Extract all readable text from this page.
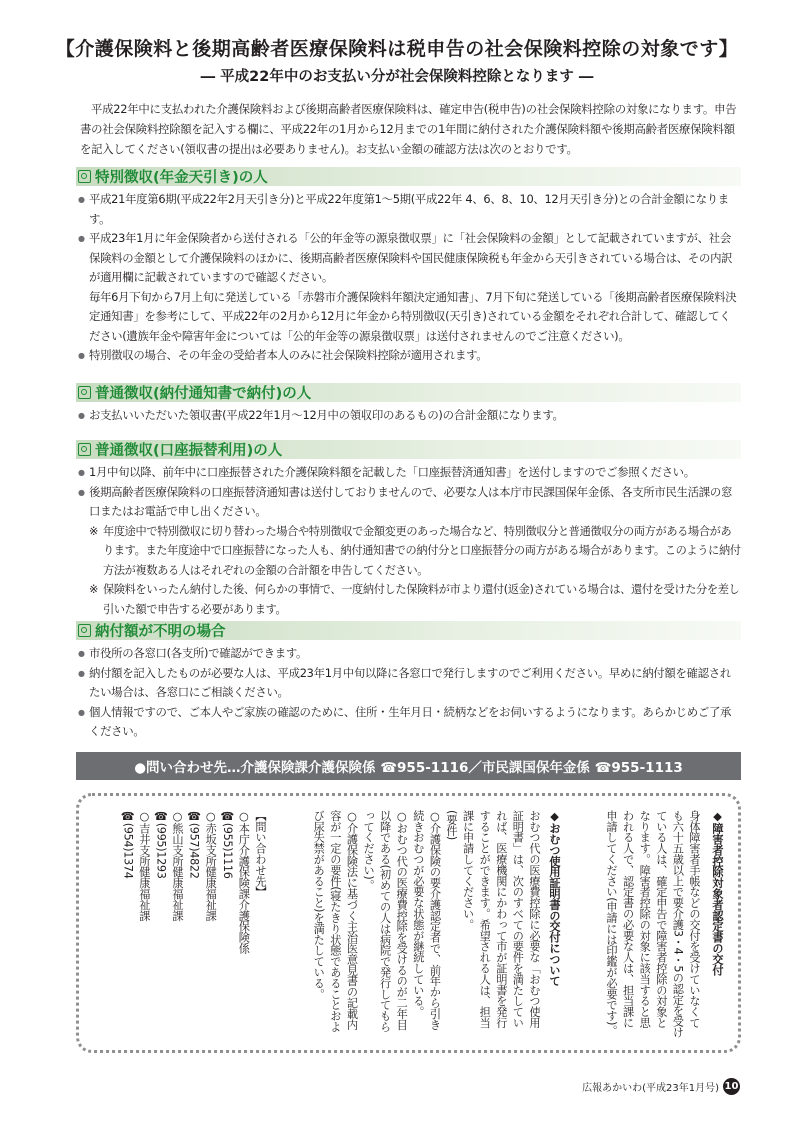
【介護保険料と後期高齢者医療保険料は税申告の社会保険料控除の対象です】
― 平成22年中のお支払い分が社会保険料控除となります ―
平成22年中に支払われた介護保険料および後期高齢者医療保険料は、確定申告(税申告)の社会保険料控除の対象になります。申告書の社会保険料控除額を記入する欄に、平成22年の1月から12月までの1年間に納付された介護保険料額や後期高齢者医療保険料額を記入してください(領収書の提出は必要ありません)。お支払い金額の確認方法は次のとおりです。
特別徴収(年金天引き)の人
● 平成21年度第6期(平成22年2月天引き分)と平成22年度第1～5期(平成22年 4、6、8、10、12月天引き分)との合計金額になります。
● 平成23年1月に年金保険者から送付される「公的年金等の源泉徴収票」に「社会保険料の金額」として記載されていますが、社会保険料の金額として介護保険料のほかに、後期高齢者医療保険料や国民健康保険税も年金から天引きされている場合は、その内訳が適用欄に記載されていますので確認ください。
毎年6月下旬から7月上旬に発送している「赤磐市介護保険料年額決定通知書」、7月下旬に発送している「後期高齢者医療保険料決定通知書」を参考にして、平成22年の2月から12月に年金から特別徴収(天引き)されている金額をそれぞれ合計して、確認してください(遺族年金や障害年金については「公的年金等の源泉徴収票」は送付されませんのでご注意ください)。
● 特別徴収の場合、その年金の受給者本人のみに社会保険料控除が適用されます。
普通徴収(納付通知書で納付)の人
● お支払いいただいた領収書(平成22年1月～12月中の領収印のあるもの)の合計金額になります。
普通徴収(口座振替利用)の人
● 1月中旬以降、前年中に口座振替された介護保険料額を記載した「口座振替済通知書」を送付しますのでご参照ください。
● 後期高齢者医療保険料の口座振替済通知書は送付しておりませんので、必要な人は本庁市民課国保年金係、各支所市民生活課の窓口またはお電話で申し出ください。
※ 年度途中で特別徴収に切り替わった場合や特別徴収で金額変更のあった場合など、特別徴収分と普通徴収分の両方がある場合があります。また年度途中で口座振替になった人も、納付通知書での納付分と口座振替分の両方がある場合があります。このように納付方法が複数ある人はそれぞれの金額の合計額を申告してください。
※ 保険料をいったん納付した後、何らかの事情で、一度納付した保険料が市より還付(返金)されている場合は、還付を受けた分を差し引いた額で申告する必要があります。
納付額が不明の場合
● 市役所の各窓口(各支所)で確認ができます。
● 納付額を記入したものが必要な人は、平成23年1月中旬以降に各窓口で発行しますのでご利用ください。早めに納付額を確認されたい場合は、各窓口にご相談ください。
● 個人情報ですので、ご本人やご家族の確認のために、住所・生年月日・続柄などをお伺いするようになります。あらかじめご了承ください。
●問い合わせ先…介護保険課介護保険係 ☎955-1116／市民課国保年金係 ☎955-1113
◆障害者控除対象者認定書の交付
身体障害者手帳などの交付を受けていなくても六十五歳以上で要介護3・4・5の認定を受けている人は、確定申告で障害者控除の対象となります。障害者控除の対象に該当すると思われる人で、認定書の必要な人は、担当課に申請してください(申請には印鑑が必要です)。
◆おむつ使用証明書の交付について
おむつ代の医療費控除に必要な「おむつ使用証明書」は、次のすべての要件を満たしていれば、医療機関にかわって市が証明書を発行することができます。希望される人は、担当課に申請してください。
(要件)
○介護保険の要介護認定者で、前年から引き続きおむつが必要な状態が継続している。
○おむつ代の医療費控除を受けるのが二年目以降である(初めての人は病院で発行してもらってください)。
○介護保険法に基づく主治医意見書の記載内容が一定の要件(寝たきり状態であることおよび尿失禁があること)を満たしている。
【問い合わせ先】
○本庁介護保険課介護保険係
☎(955)1116
○赤坂支所健康福祉課
☎(957)4822
○熊山支所健康福祉課
☎(995)1293
○吉井支所健康福祉課
☎(954)1374
広報あかいわ(平成23年1月号) 10
